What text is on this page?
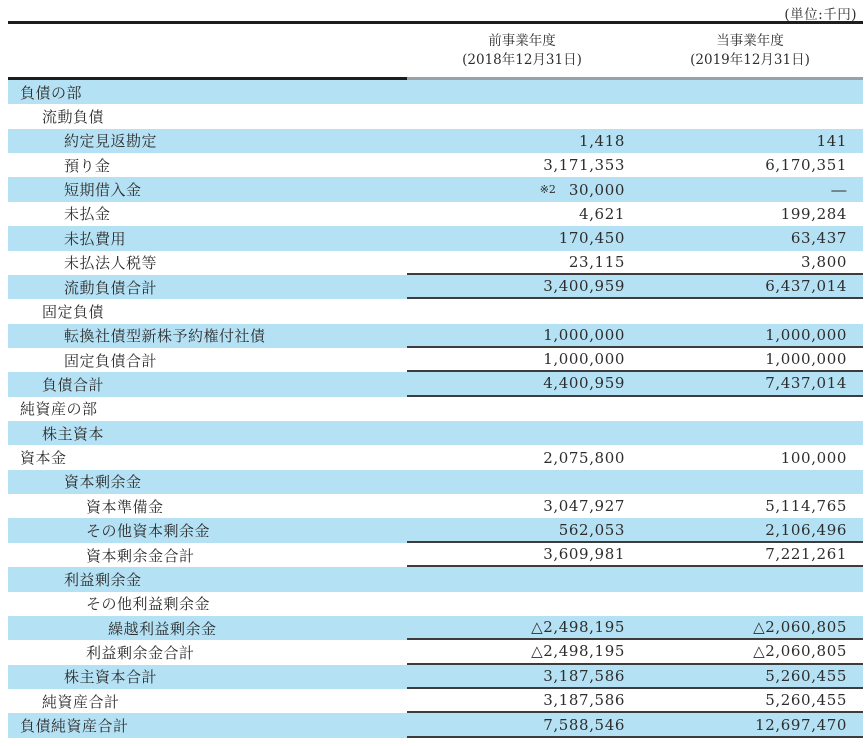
(単位:千円)
前事業年度
(2018年12月31日)
当事業年度
(2019年12月31日)
負債の部
流動負債
約定見返勘定	1,418	141
預り金	3,171,353	6,170,351
短期借入金	※2 30,000	―
未払金	4,621	199,284
未払費用	170,450	63,437
未払法人税等	23,115	3,800
流動負債合計	3,400,959	6,437,014
固定負債
転換社債型新株予約権付社債	1,000,000	1,000,000
固定負債合計	1,000,000	1,000,000
負債合計	4,400,959	7,437,014
純資産の部
株主資本
資本金	2,075,800	100,000
資本剰余金
資本準備金	3,047,927	5,114,765
その他資本剰余金	562,053	2,106,496
資本剰余金合計	3,609,981	7,221,261
利益剰余金
その他利益剰余金
繰越利益剰余金	△2,498,195	△2,060,805
利益剰余金合計	△2,498,195	△2,060,805
株主資本合計	3,187,586	5,260,455
純資産合計	3,187,586	5,260,455
負債純資産合計	7,588,546	12,697,470
